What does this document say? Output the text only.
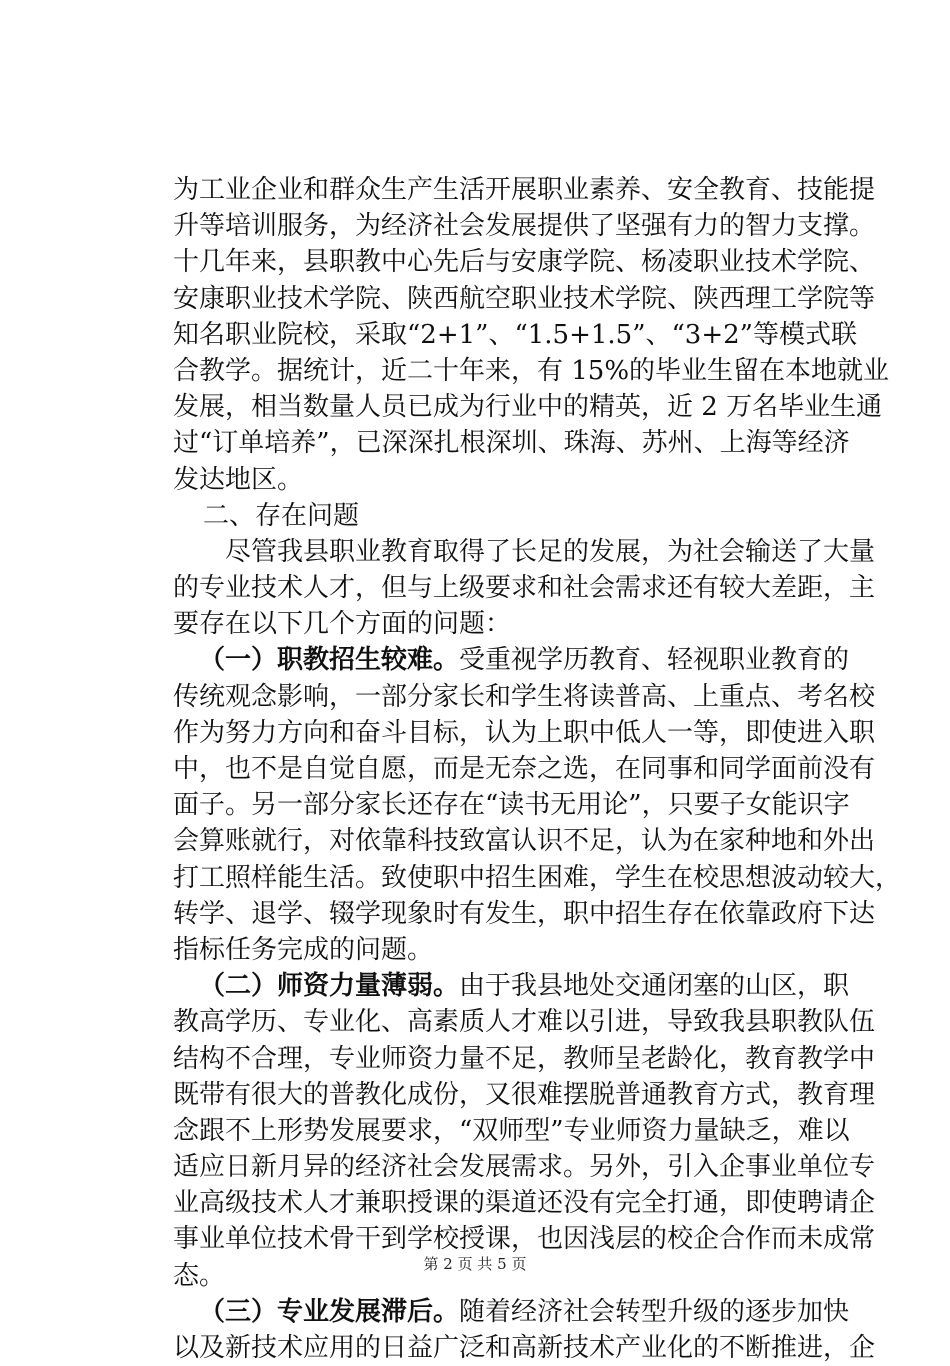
为工业企业和群众生产生活开展职业素养、安全教育、技能提
升等培训服务，为经济社会发展提供了坚强有力的智力支撑。
十几年来，县职教中心先后与安康学院、杨凌职业技术学院、
安康职业技术学院、陕西航空职业技术学院、陕西理工学院等
知名职业院校，采取“2+1”、“1.5+1.5”、“3+2”等模式联
合教学。据统计，近二十年来，有 15%的毕业生留在本地就业
发展，相当数量人员已成为行业中的精英，近 2 万名毕业生通
过“订单培养”，已深深扎根深圳、珠海、苏州、上海等经济
发达地区。
二、存在问题
尽管我县职业教育取得了长足的发展，为社会输送了大量
的专业技术人才，但与上级要求和社会需求还有较大差距，主
要存在以下几个方面的问题：
（一）职教招生较难。受重视学历教育、轻视职业教育的
传统观念影响，一部分家长和学生将读普高、上重点、考名校
作为努力方向和奋斗目标，认为上职中低人一等，即使进入职
中，也不是自觉自愿，而是无奈之选，在同事和同学面前没有
面子。另一部分家长还存在“读书无用论”，只要子女能识字
会算账就行，对依靠科技致富认识不足，认为在家种地和外出
打工照样能生活。致使职中招生困难，学生在校思想波动较大，
转学、退学、辍学现象时有发生，职中招生存在依靠政府下达
指标任务完成的问题。
（二）师资力量薄弱。由于我县地处交通闭塞的山区，职
教高学历、专业化、高素质人才难以引进，导致我县职教队伍
结构不合理，专业师资力量不足，教师呈老龄化，教育教学中
既带有很大的普教化成份，又很难摆脱普通教育方式，教育理
念跟不上形势发展要求，“双师型”专业师资力量缺乏，难以
适应日新月异的经济社会发展需求。另外，引入企事业单位专
业高级技术人才兼职授课的渠道还没有完全打通，即使聘请企
事业单位技术骨干到学校授课，也因浅层的校企合作而未成常
态。
（三）专业发展滞后。随着经济社会转型升级的逐步加快
以及新技术应用的日益广泛和高新技术产业化的不断推进，企
第 2 页 共 5 页
